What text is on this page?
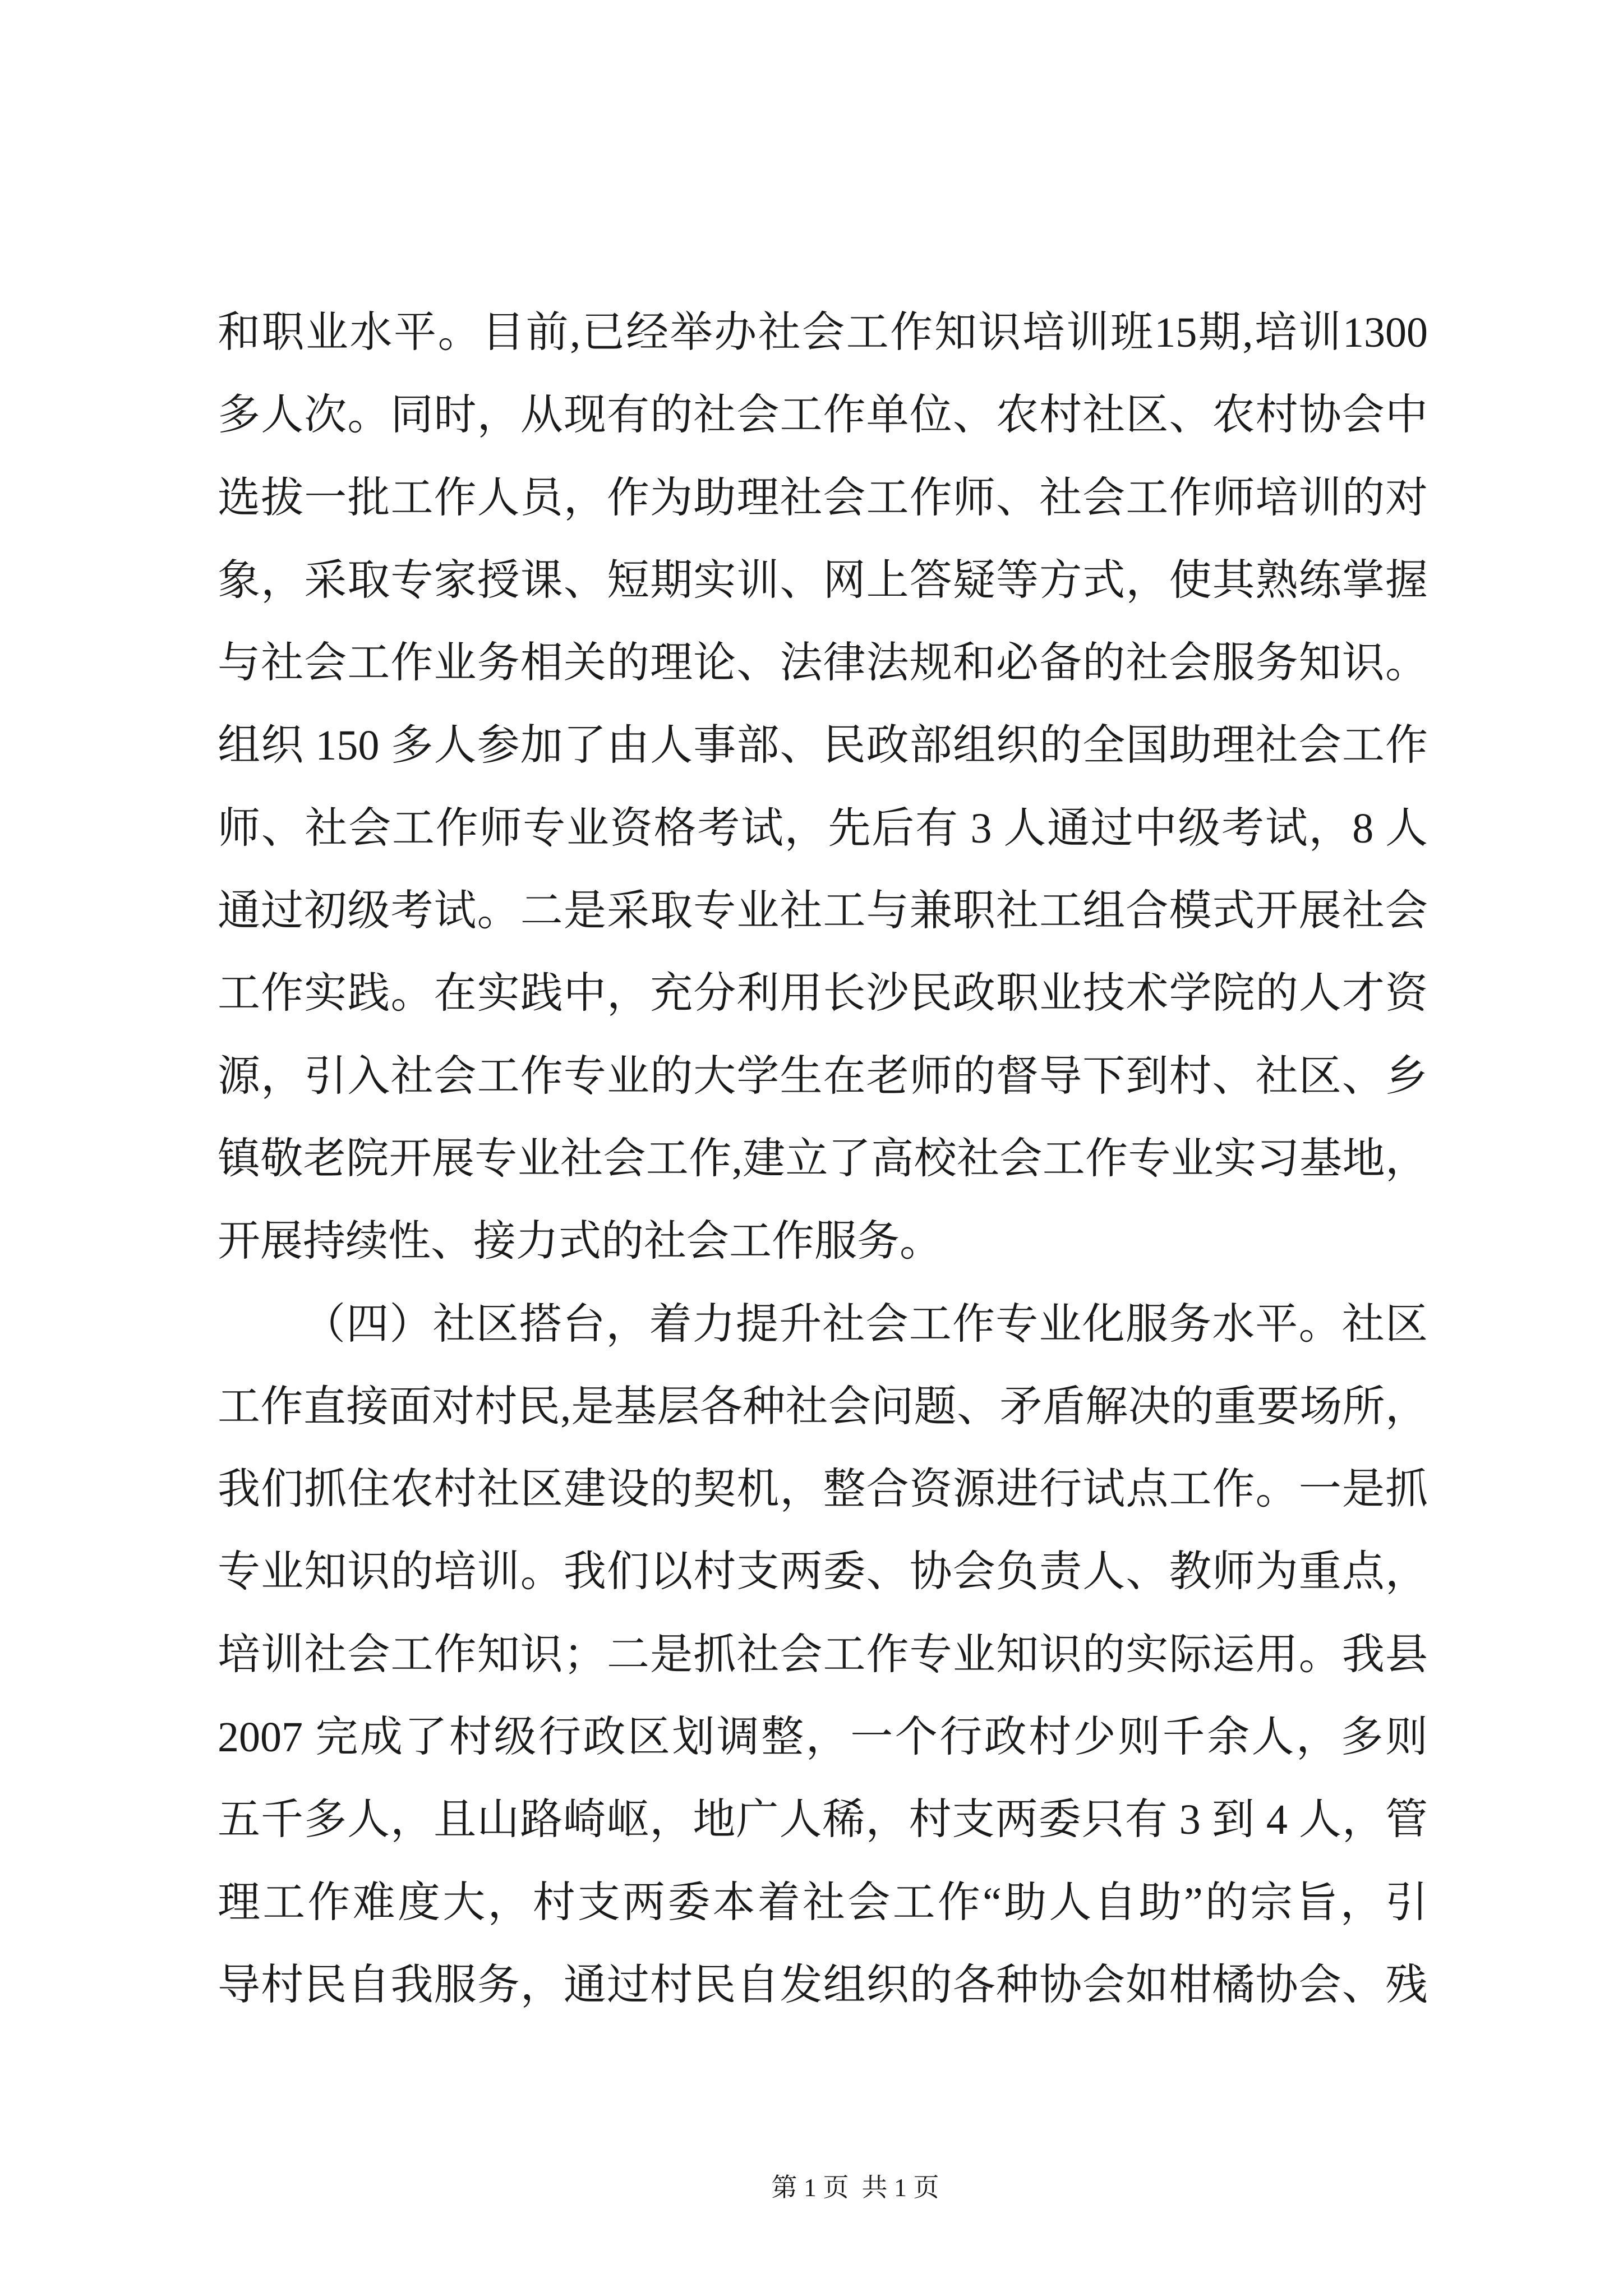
和职业水平。目前,已经举办社会工作知识培训班15期,培训1300
多人次。同时，从现有的社会工作单位、农村社区、农村协会中
选拔一批工作人员，作为助理社会工作师、社会工作师培训的对
象，采取专家授课、短期实训、网上答疑等方式，使其熟练掌握
与社会工作业务相关的理论、法律法规和必备的社会服务知识。
组织 150 多人参加了由人事部、民政部组织的全国助理社会工作
师、社会工作师专业资格考试，先后有 3 人通过中级考试，8 人
通过初级考试。二是采取专业社工与兼职社工组合模式开展社会
工作实践。在实践中，充分利用长沙民政职业技术学院的人才资
源，引入社会工作专业的大学生在老师的督导下到村、社区、乡
镇敬老院开展专业社会工作,建立了高校社会工作专业实习基地，
开展持续性、接力式的社会工作服务。
（四）社区搭台，着力提升社会工作专业化服务水平。社区
工作直接面对村民,是基层各种社会问题、矛盾解决的重要场所，
我们抓住农村社区建设的契机，整合资源进行试点工作。一是抓
专业知识的培训。我们以村支两委、协会负责人、教师为重点，
培训社会工作知识；二是抓社会工作专业知识的实际运用。我县
2007 完成了村级行政区划调整，一个行政村少则千余人，多则
五千多人，且山路崎岖，地广人稀，村支两委只有 3 到 4 人，管
理工作难度大，村支两委本着社会工作“助人自助”的宗旨，引
导村民自我服务，通过村民自发组织的各种协会如柑橘协会、残
第 1 页  共 1 页
